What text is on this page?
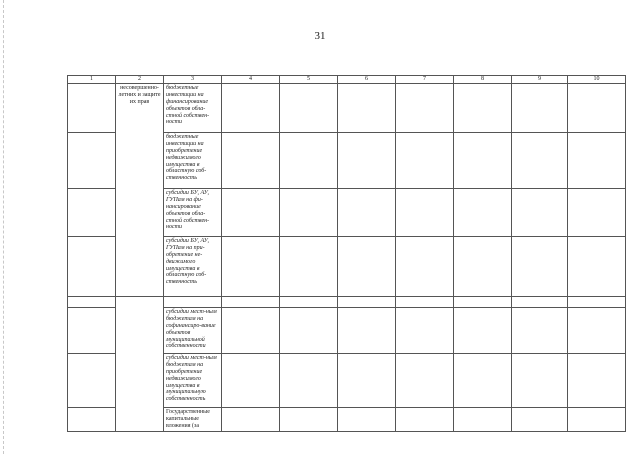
31
1	2	3	4	5	6	7	8	9	10
	несовершенно-летних и защите их прав	бюджетные инвестиции на финансирование объектов обла-стной собствен-ности							
		бюджетные инвестиции на приобретение недвижимого имущества в областную соб-ственность							
		субсидии БУ, АУ, ГУПам на фи-нансирование объектов обла-стной собствен-ности							
		субсидии БУ, АУ, ГУПам на при-обретение не-движимого имущества в областную соб-ственность							

		субсидии мест-ным бюджетам на софинансиро-вание объектов муниципальной собственности							
		субсидии мест-ным бюджетам на приобретение недвижимого имущества в муниципальную собственность							
		Государственные капитальные вложения (за							
